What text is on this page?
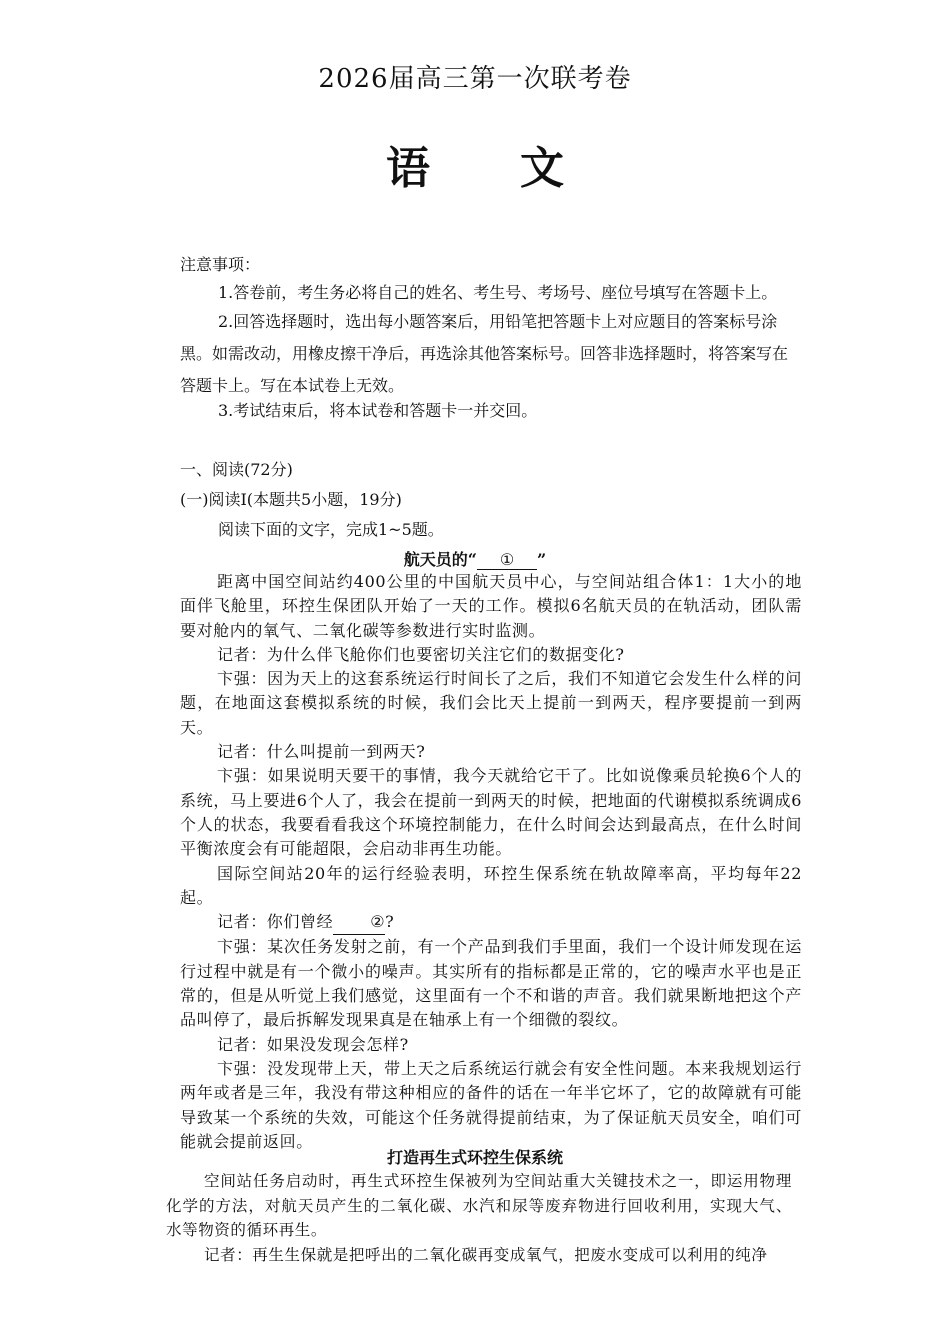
2026届高三第一次联考卷
语文
注意事项：
1.答卷前，考生务必将自己的姓名、考生号、考场号、座位号填写在答题卡上。
2.回答选择题时，选出每小题答案后，用铅笔把答题卡上对应题目的答案标号涂黑。如需改动，用橡皮擦干净后，再选涂其他答案标号。回答非选择题时，将答案写在答题卡上。写在本试卷上无效。
3.考试结束后，将本试卷和答题卡一并交回。
一、阅读(72分)
(一)阅读Ⅰ(本题共5小题，19分)
阅读下面的文字，完成1~5题。
航天员的“ ① ”

距离中国空间站约400公里的中国航天员中心，与空间站组合体1：1大小的地面伴飞舱里，环控生保团队开始了一天的工作。模拟6名航天员的在轨活动，团队需要对舱内的氧气、二氧化碳等参数进行实时监测。

记者：为什么伴飞舱你们也要密切关注它们的数据变化?

卞强：因为天上的这套系统运行时间长了之后，我们不知道它会发生什么样的问题，在地面这套模拟系统的时候，我们会比天上提前一到两天，程序要提前一到两天。

记者：什么叫提前一到两天?

卞强：如果说明天要干的事情，我今天就给它干了。比如说像乘员轮换6个人的系统，马上要进6个人了，我会在提前一到两天的时候，把地面的代谢模拟系统调成6个人的状态，我要看看我这个环境控制能力，在什么时间会达到最高点，在什么时间平衡浓度会有可能超限，会启动非再生功能。

国际空间站20年的运行经验表明，环控生保系统在轨故障率高，平均每年22起。

记者：你们曾经 ②?

卞强：某次任务发射之前，有一个产品到我们手里面，我们一个设计师发现在运行过程中就是有一个微小的噪声。其实所有的指标都是正常的，它的噪声水平也是正常的，但是从听觉上我们感觉，这里面有一个不和谐的声音。我们就果断地把这个产品叫停了，最后拆解发现果真是在轴承上有一个细微的裂纹。

记者：如果没发现会怎样?

卞强：没发现带上天，带上天之后系统运行就会有安全性问题。本来我规划运行两年或者是三年，我没有带这种相应的备件的话在一年半它坏了，它的故障就有可能导致某一个系统的失效，可能这个任务就得提前结束，为了保证航天员安全，咱们可能就会提前返回。

打造再生式环控生保系统

空间站任务启动时，再生式环控生保被列为空间站重大关键技术之一，即运用物理化学的方法，对航天员产生的二氧化碳、水汽和尿等废弃物进行回收利用，实现大气、水等物资的循环再生。

记者：再生生保就是把呼出的二氧化碳再变成氧气，把废水变成可以利用的纯净
